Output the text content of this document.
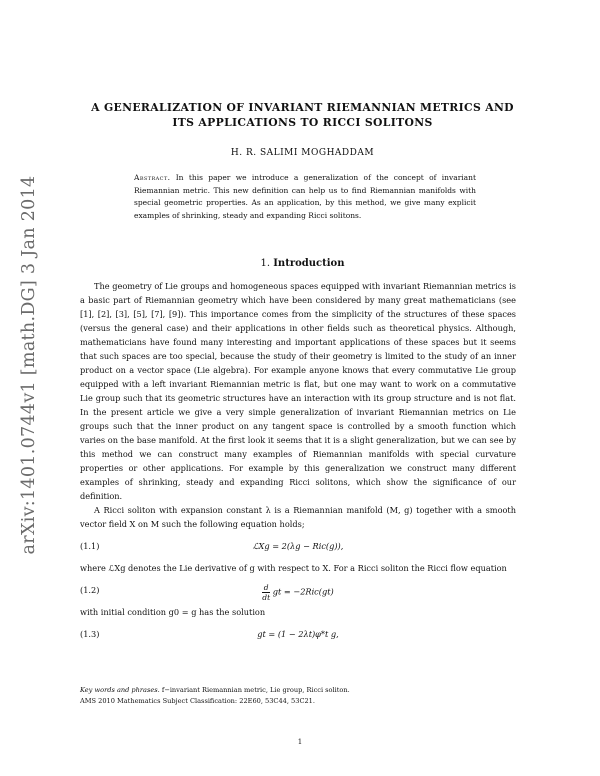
arXiv:1401.0744v1 [math.DG] 3 Jan 2014
A GENERALIZATION OF INVARIANT RIEMANNIAN METRICS AND
ITS APPLICATIONS TO RICCI SOLITONS
H. R. SALIMI MOGHADDAM
Abstract. In this paper we introduce a generalization of the concept of invariant Riemannian metric. This new definition can help us to find Riemannian manifolds with special geometric properties. As an application, by this method, we give many explicit examples of shrinking, steady and expanding Ricci solitons.
1. Introduction

The geometry of Lie groups and homogeneous spaces equipped with invariant Riemannian metrics is a basic part of Riemannian geometry which have been considered by many great mathematicians (see [1], [2], [3], [5], [7], [9]). This importance comes from the simplicity of the structures of these spaces (versus the general case) and their applications in other fields such as theoretical physics. Although, mathematicians have found many interesting and important applications of these spaces but it seems that such spaces are too special, because the study of their geometry is limited to the study of an inner product on a vector space (Lie algebra). For example anyone knows that every commutative Lie group equipped with a left invariant Riemannian metric is flat, but one may want to work on a commutative Lie group such that its geometric structures have an interaction with its group structure and is not flat. In the present article we give a very simple generalization of invariant Riemannian metrics on Lie groups such that the inner product on any tangent space is controlled by a smooth function which varies on the base manifold. At the first look it seems that it is a slight generalization, but we can see by this method we can construct many examples of Riemannian manifolds with special curvature properties or other applications. For example by this generalization we construct many different examples of shrinking, steady and expanding Ricci solitons, which show the significance of our definition.

A Ricci soliton with expansion constant λ is a Riemannian manifold (M, g) together with a smooth vector field X on M such the following equation holds;

(1.1)	ℒXg = 2(λg − Ric(g)),

where ℒXg denotes the Lie derivative of g with respect to X. For a Ricci soliton the Ricci flow equation

(1.2)	$\frac{d}{dt}$ gt = −2Ric(gt)

with initial condition g0 = g has the solution

(1.3)	gt = (1 − 2λt)φ*t g,
Key words and phrases. f−invariant Riemannian metric, Lie group, Ricci soliton.
AMS 2010 Mathematics Subject Classification: 22E60, 53C44, 53C21.
1
